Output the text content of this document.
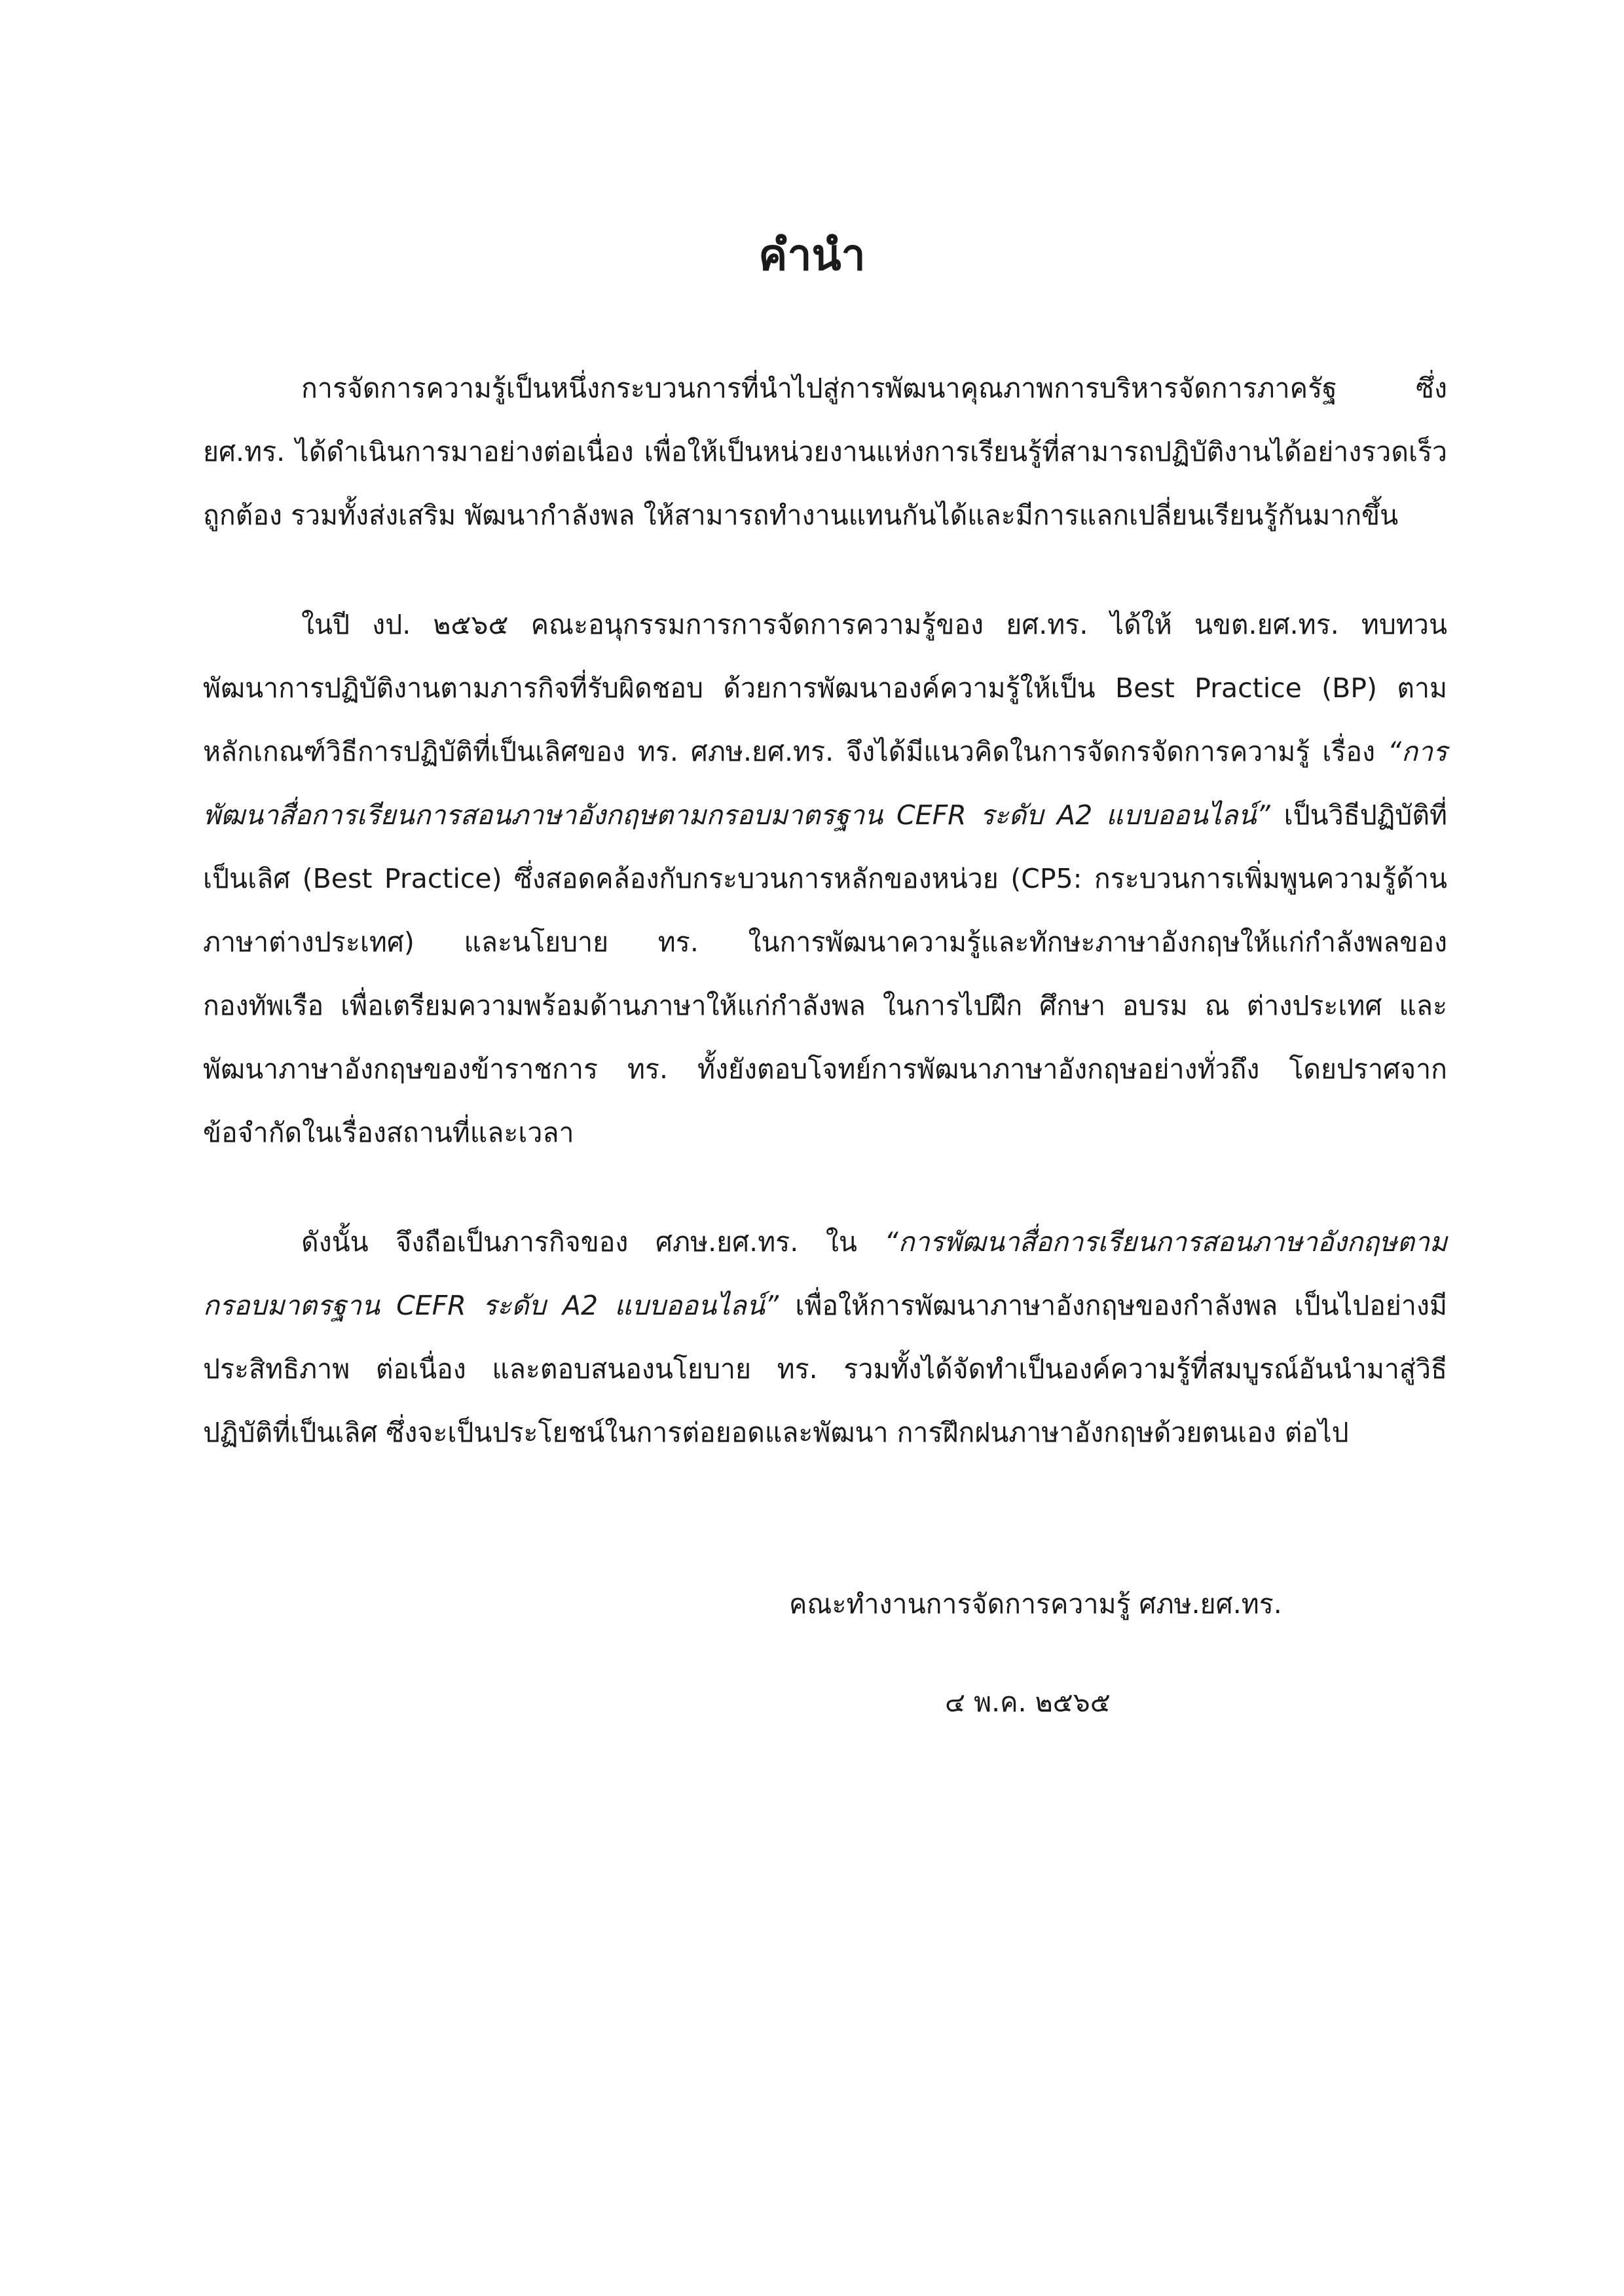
คำนำ

การจัดการความรู้เป็นหนึ่งกระบวนการที่นำไปสู่การพัฒนาคุณภาพการบริหารจัดการภาครัฐ ซึ่ง
ยศ.ทร. ได้ดำเนินการมาอย่างต่อเนื่อง เพื่อให้เป็นหน่วยงานแห่งการเรียนรู้ที่สามารถปฏิบัติงานได้อย่างรวดเร็ว
ถูกต้อง รวมทั้งส่งเสริม พัฒนากำลังพล ให้สามารถทำงานแทนกันได้และมีการแลกเปลี่ยนเรียนรู้กันมากขึ้น

ในปี งป. ๒๕๖๕ คณะอนุกรรมการการจัดการความรู้ของ ยศ.ทร. ได้ให้ นขต.ยศ.ทร. ทบทวน
พัฒนาการปฏิบัติงานตามภารกิจที่รับผิดชอบ ด้วยการพัฒนาองค์ความรู้ให้เป็น Best Practice (BP) ตาม
หลักเกณฑ์วิธีการปฏิบัติที่เป็นเลิศของ ทร. ศภษ.ยศ.ทร. จึงได้มีแนวคิดในการจัดกรจัดการความรู้ เรื่อง “การ
พัฒนาสื่อการเรียนการสอนภาษาอังกฤษตามกรอบมาตรฐาน CEFR ระดับ A2 แบบออนไลน์” เป็นวิธีปฏิบัติที่
เป็นเลิศ (Best Practice) ซึ่งสอดคล้องกับกระบวนการหลักของหน่วย (CP5: กระบวนการเพิ่มพูนความรู้ด้าน
ภาษาต่างประเทศ) และนโยบาย ทร. ในการพัฒนาความรู้และทักษะภาษาอังกฤษให้แก่กำลังพลของ
กองทัพเรือ เพื่อเตรียมความพร้อมด้านภาษาให้แก่กำลังพล ในการไปฝึก ศึกษา อบรม ณ ต่างประเทศ และ
พัฒนาภาษาอังกฤษของข้าราชการ ทร. ทั้งยังตอบโจทย์การพัฒนาภาษาอังกฤษอย่างทั่วถึง โดยปราศจาก
ข้อจำกัดในเรื่องสถานที่และเวลา

ดังนั้น จึงถือเป็นภารกิจของ ศภษ.ยศ.ทร. ใน “การพัฒนาสื่อการเรียนการสอนภาษาอังกฤษตาม
กรอบมาตรฐาน CEFR ระดับ A2 แบบออนไลน์” เพื่อให้การพัฒนาภาษาอังกฤษของกำลังพล เป็นไปอย่างมี
ประสิทธิภาพ ต่อเนื่อง และตอบสนองนโยบาย ทร. รวมทั้งได้จัดทำเป็นองค์ความรู้ที่สมบูรณ์อันนำมาสู่วิธี
ปฏิบัติที่เป็นเลิศ ซึ่งจะเป็นประโยชน์ในการต่อยอดและพัฒนา การฝึกฝนภาษาอังกฤษด้วยตนเอง ต่อไป

คณะทำงานการจัดการความรู้ ศภษ.ยศ.ทร.

๔ พ.ค. ๒๕๖๕
